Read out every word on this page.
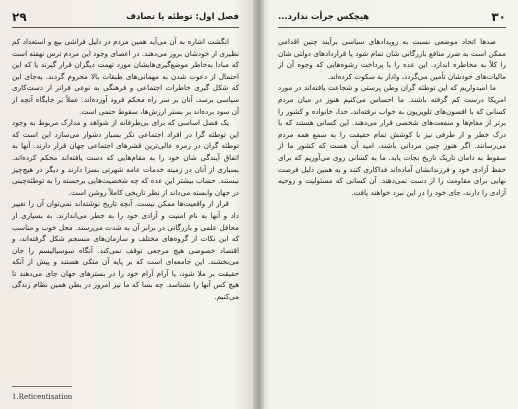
فصل اول: توطئه یا تصادف
۲۹

انگشت اشاره به آن می‌آید همین مردم در دلیل فراشی بیع و استعداد کم نظیری از خودشان بروز می‌دهند. در اعصای وجود این مردم ترس نهفته است که مبادا به‌خاطر موضع‌گیری‌هایشان مورد تهمت دیگران قرار گیرند یا که این احتمال از دعوت شدن به مهمانی‌های طبقات بالا محروم گردند. به‌جای این که شکل گیری خاطرات اجتماعی و فرهنگی به نوعی فراتر از دست‌کاری سیاسی برسد، آنان بر سر راه محکم فرود آورده‌اند. عملاً بر جایگاه آنچه از آن سود برده‌اند بر بستر ارزش‌ها، سقوط حتمی است.

یک فصل اساسی که برای بی‌طرفانه از شواهد و مدارک مربوط به وجود این توطئه گرا در افراد اجتماعی نکر بسیار دشوار می‌سازد این است که توطئه گران در زمره عالی‌ترین قشرهای اجتماعی جهان قرار دارند. آنها به اتفاق آیندگی شان خود را به مقام‌هایی که دست یافته‌اند محکم کرده‌اند. بسیاری از آنان در زمینه خدمات عامه شهرتی بسزا دارند و دیگر در هیچ‌چیز نیستند. حساب بیشتر این عده که چه شخصیت‌هایی برجسته را به توطئه‌چینی در جهان وابسته می‌داند از نظر تاریخی کاملاً روشن است.

قرار از واقعیت‌ها ممکن نیست. آنچه تاریخ نوشته‌اند نمی‌توان آن را تغییر داد و آنها به نام امنیت و آزادی خود را به خطر می‌اندازند. به بسیاری از محافل علمی و بازرگانی در برابر آن به شدت می‌رسند. محل خوب و مناسب که این نکات از گروه‌های مختلف و سازمان‌های منسجم شکل گرفته‌اند، و اقتصاد خصوصی هیچ مرجعی توقف نمی‌کند. آنگاه سوسیالیسم را جان می‌بخشند. این جامعه‌ای است که بر پایه آن متکی هستند و پیش از آنکه حقیقت بر ملا شود، یا آرام آرام خود را در بسترهای جهان جای می‌دهند تا هیچ کس آنها را نشناسد. چه بسا که ما نیز امروز در بطن همین نظام زندگی می‌کنیم.

1.Reticentisation
۳۰
هیچکس جرأت ندارد...

صدها اتحاد موضعی نسبت به رویدادهای سیاسی برآیند چنین اقدامی ممکن است به ضرر منافع بازرگانی شان تمام شود یا قراردادهای دولتی شان را کلاً به مخاطره اندازد. این عده را با پرداخت رشوه‌هایی که وجوه آن از مالیات‌های خودشان تأمین می‌گردد، وادار به سکوت کرده‌اند.

ما امیدواریم که این توطئه گران وطن پرستی و شجاعت یافته‌اند در مورد امریکا درست کم گرفته باشند. ما احساس می‌کنیم هنوز در میان مردم کسانی که با افسون‌های تلویزیون به خواب نرفته‌اند، خدا، خانواده و کشور را برتر از مقام‌ها و منفعت‌های شخصی قرار می‌دهند. این کسانی هستند که با درک خطر و از طرفی نیز با کوشش تمام حقیقت را به سمع همه مردم می‌رسانند. اگر هنوز چنین مردانی باشند، امید آن هست که کشور ما از سقوط به دامان تاریک تاریخ نجات یابد. ما به کسانی روی می‌آوریم که برای حفظ آزادی خود و فرزندانشان آماده‌اند فداکاری کنند و به همین دلیل فرصت نهایی برای مقاومت را از دست نمی‌دهند. آن کسانی که مسئولیت و روحیه آزادی را دارند، جای خود را در این نبرد خواهند یافت.
